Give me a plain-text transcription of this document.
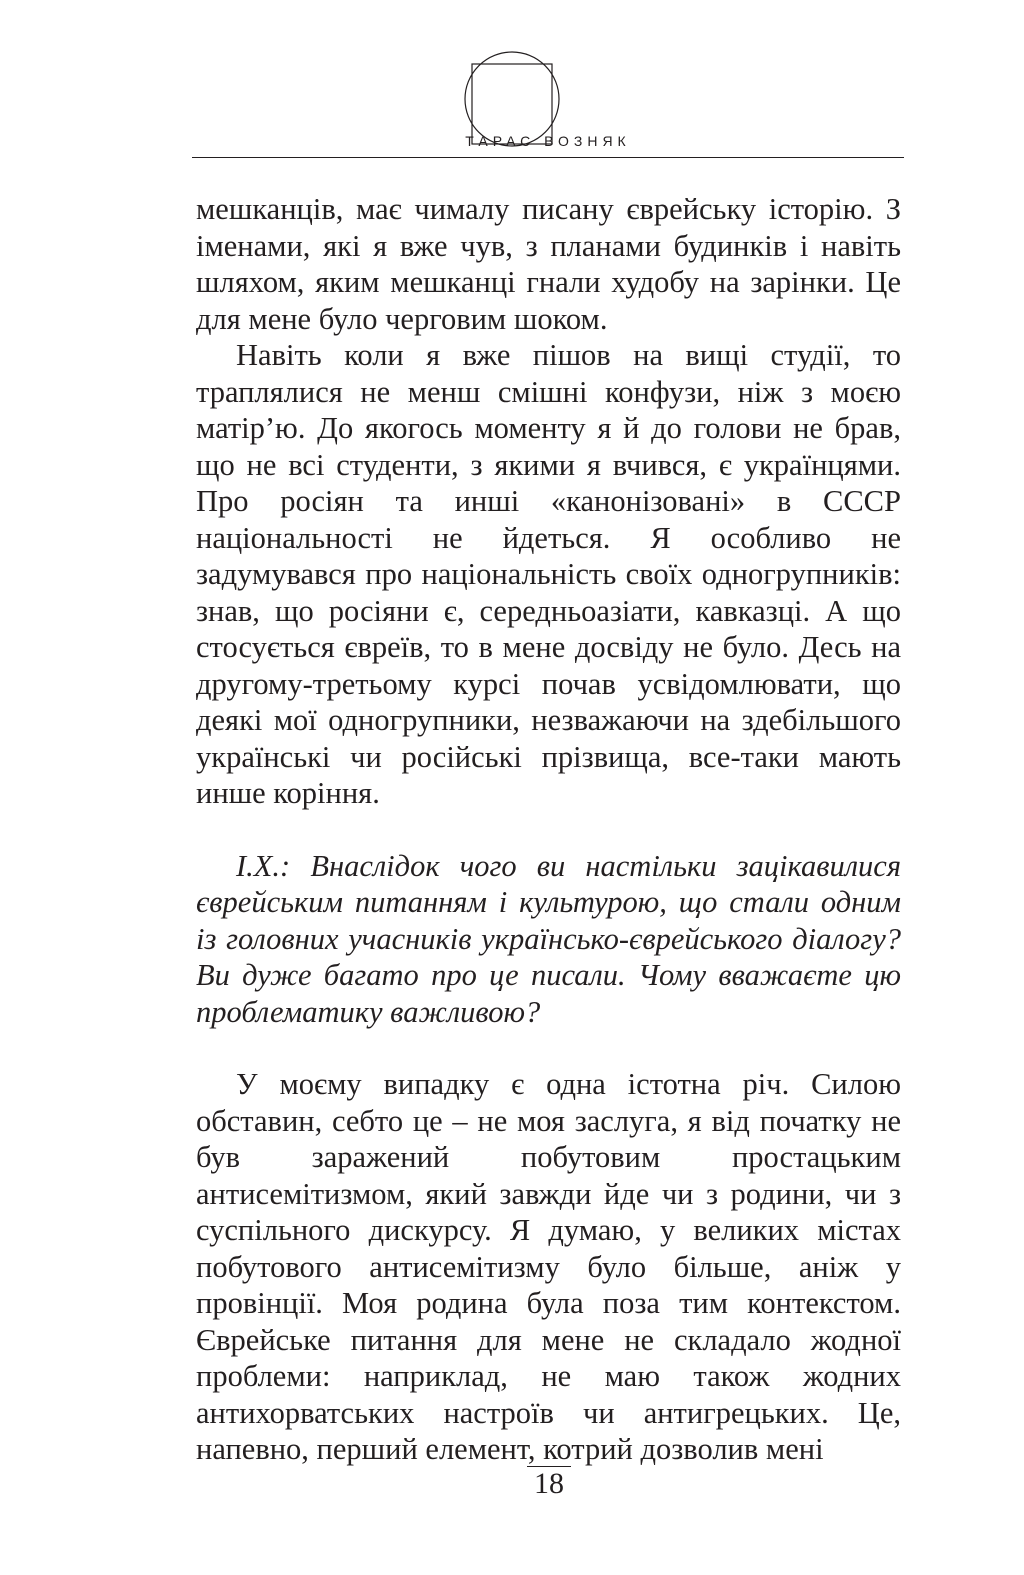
ТАРАС ВОЗНЯК

мешканців, має чималу писану єврейську історію. З іменами, які я вже чув, з планами будинків і навіть шляхом, яким мешканці гнали худобу на зарінки. Це для мене було черговим шоком.

Навіть коли я вже пішов на вищі студії, то траплялися не менш смішні конфузи, ніж з моєю матір’ю. До якогось моменту я й до голови не брав, що не всі студенти, з якими я вчився, є українцями. Про росіян та инші «канонізовані» в СССР національності не йдеться. Я особливо не задумувався про національність своїх одногрупників: знав, що росіяни є, середньоазіати, кавказці. А що стосується євреїв, то в мене досвіду не було. Десь на другому-третьому курсі почав усвідомлювати, що деякі мої одногрупники, незважаючи на здебільшого українські чи російські прізвища, все-таки мають инше коріння.

І.Х.: Внаслідок чого ви настільки зацікавилися єврейським питанням і культурою, що стали одним із головних учасників українсько-єврейського діалогу? Ви дуже багато про це писали. Чому вважаєте цю проблематику важливою?

У моєму випадку є одна істотна річ. Силою обставин, себто це – не моя заслуга, я від початку не був заражений побутовим простацьким антисемітизмом, який завжди йде чи з родини, чи з суспільного дискурсу. Я думаю, у великих містах побутового антисемітизму було більше, аніж у провінції. Моя родина була поза тим контекстом. Єврейське питання для мене не складало жодної проблеми: наприклад, не маю також жодних антихорватських настроїв чи антигрецьких. Це, напевно, перший елемент, котрий дозволив мені

18
